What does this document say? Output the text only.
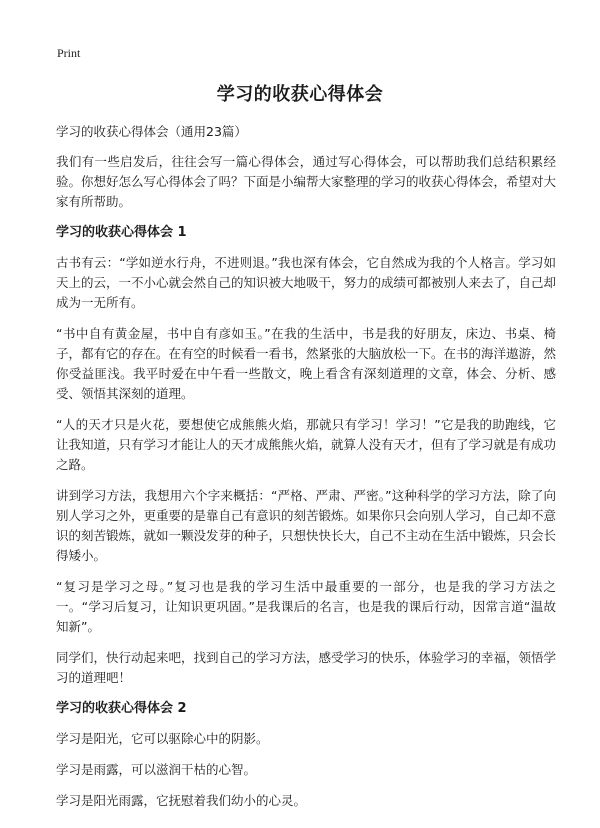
Print
学习的收获心得体会

学习的收获心得体会（通用23篇）

我们有一些启发后，往往会写一篇心得体会，通过写心得体会，可以帮助我们总结积累经验。你想好怎么写心得体会了吗？下面是小编帮大家整理的学习的收获心得体会，希望对大家有所帮助。

学习的收获心得体会 1

古书有云：“学如逆水行舟，不进则退。”我也深有体会，它自然成为我的个人格言。学习如天上的云，一不小心就会然自己的知识被大地吸干，努力的成绩可都被别人来去了，自己却成为一无所有。

“书中自有黄金屋，书中自有彦如玉。”在我的生活中，书是我的好朋友，床边、书桌、椅子，都有它的存在。在有空的时候看一看书，然紧张的大脑放松一下。在书的海洋遨游，然你受益匪浅。我平时爱在中午看一些散文，晚上看含有深刻道理的文章，体会、分析、感受、领悟其深刻的道理。

“人的天才只是火花，要想使它成熊熊火焰，那就只有学习！学习！”它是我的助跑线，它让我知道，只有学习才能让人的天才成熊熊火焰，就算人没有天才，但有了学习就是有成功之路。

讲到学习方法，我想用六个字来概括：“严格、严肃、严密。”这种科学的学习方法，除了向别人学习之外，更重要的是靠自己有意识的刻苦锻炼。如果你只会向别人学习，自己却不意识的刻苦锻炼，就如一颗没发芽的种子，只想快快长大，自己不主动在生活中锻炼，只会长得矮小。

“复习是学习之母。”复习也是我的学习生活中最重要的一部分，也是我的学习方法之一。“学习后复习，让知识更巩固。”是我课后的名言，也是我的课后行动，因常言道“温故知新”。

同学们，快行动起来吧，找到自己的学习方法，感受学习的快乐，体验学习的幸福，领悟学习的道理吧！

学习的收获心得体会 2

学习是阳光，它可以驱除心中的阴影。

学习是雨露，可以滋润干枯的心智。

学习是阳光雨露，它抚慰着我们幼小的心灵。
